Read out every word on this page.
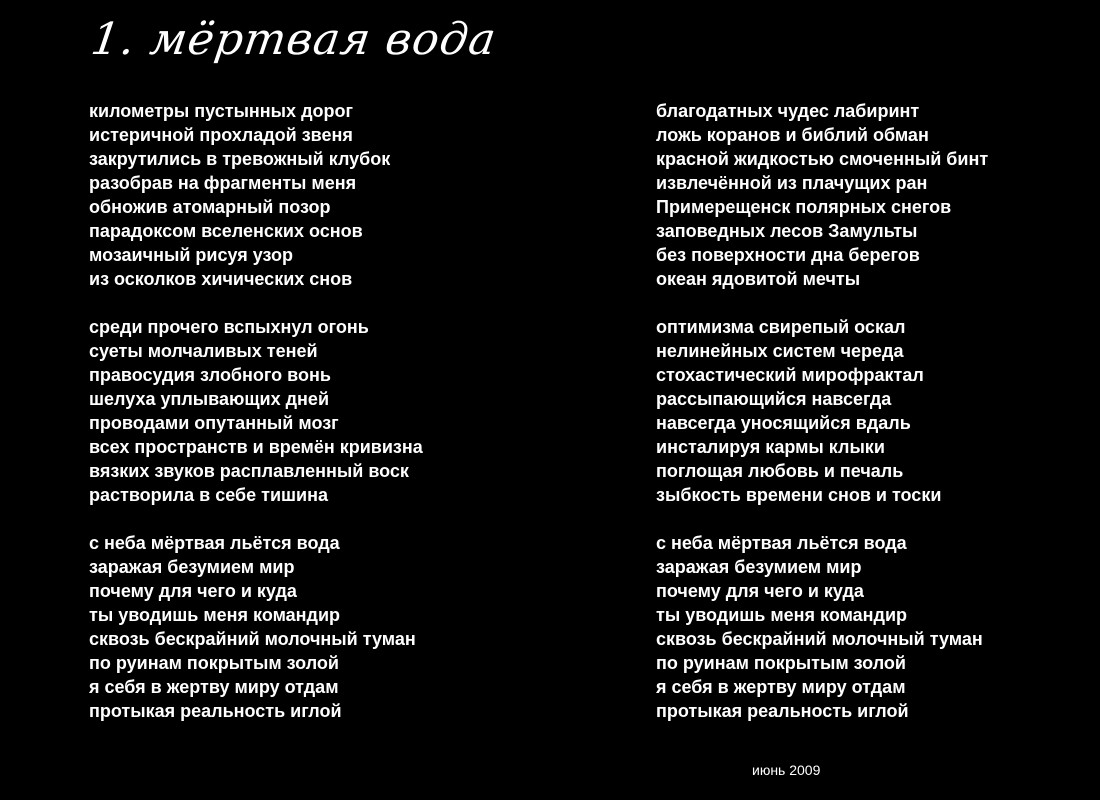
1. мёртвая вода
километры пустынных дорог
истеричной прохладой звеня
закрутились в тревожный клубок
разобрав на фрагменты меня
обножив атомарный позор
парадоксом вселенских основ
мозаичный рисуя узор
из осколков хичических снов
среди прочего вспыхнул огонь
суеты молчаливых теней
правосудия злобного вонь
шелуха уплывающих дней
проводами опутанный мозг
всех пространств и времён кривизна
вязких звуков расплавленный воск
растворила в себе тишина
с неба мёртвая льётся вода
заражая безумием мир
почему для чего и куда
ты уводишь меня командир
сквозь бескрайний молочный туман
по руинам покрытым золой
я себя в жертву миру отдам
протыкая реальность иглой
благодатных чудес лабиринт
ложь коранов и библий обман
красной жидкостью смоченный бинт
извлечённой из плачущих ран
Примерещенск полярных снегов
заповедных лесов Замульты
без поверхности дна берегов
океан ядовитой мечты
оптимизма свирепый оскал
нелинейных систем череда
стохастический мирофрактал
рассыпающийся навсегда
навсегда уносящийся вдаль
инсталируя кармы клыки
поглощая любовь и печаль
зыбкость времени снов и тоски
с неба мёртвая льётся вода
заражая безумием мир
почему для чего и куда
ты уводишь меня командир
сквозь бескрайний молочный туман
по руинам покрытым золой
я себя в жертву миру отдам
протыкая реальность иглой
июнь 2009
